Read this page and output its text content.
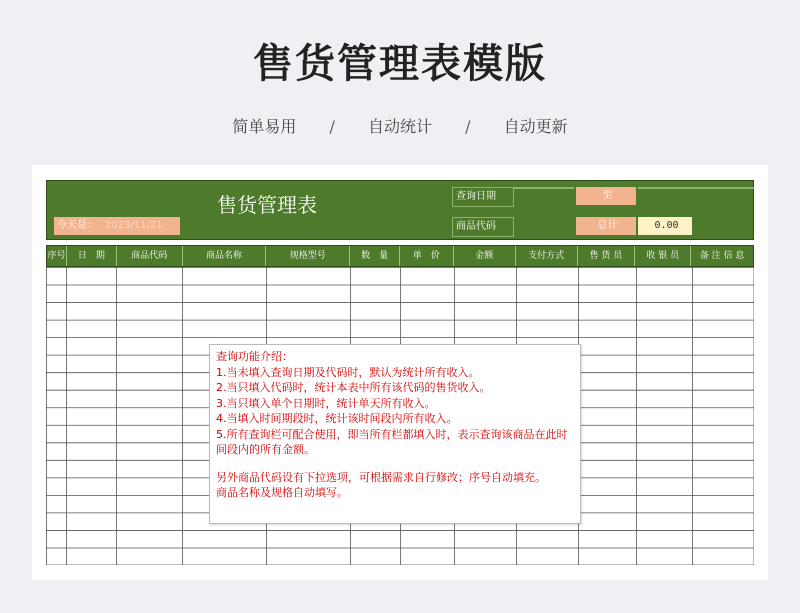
售货管理表模版
简单易用 / 自动统计 / 自动更新
售货管理表
今天是： 2023/11/21
查询日期	至
商品代码	总计	0.00
序号	日　期	商品代码	商品名称	规格型号	数　量	单　价	金额	支付方式	售 货 员	收 银 员	备 注 信 息

查询功能介绍：

1.当未填入查询日期及代码时，默认为统计所有收入。

2.当只填入代码时，统计本表中所有该代码的售货收入。

3.当只填入单个日期时，统计单天所有收入。

4.当填入时间期段时，统计该时间段内所有收入。

5.所有查询栏可配合使用，即当所有栏都填入时，表示查询该商品在此时间段内的所有金额。

另外商品代码设有下拉选项，可根据需求自行修改；序号自动填充。

商品名称及规格自动填写。
